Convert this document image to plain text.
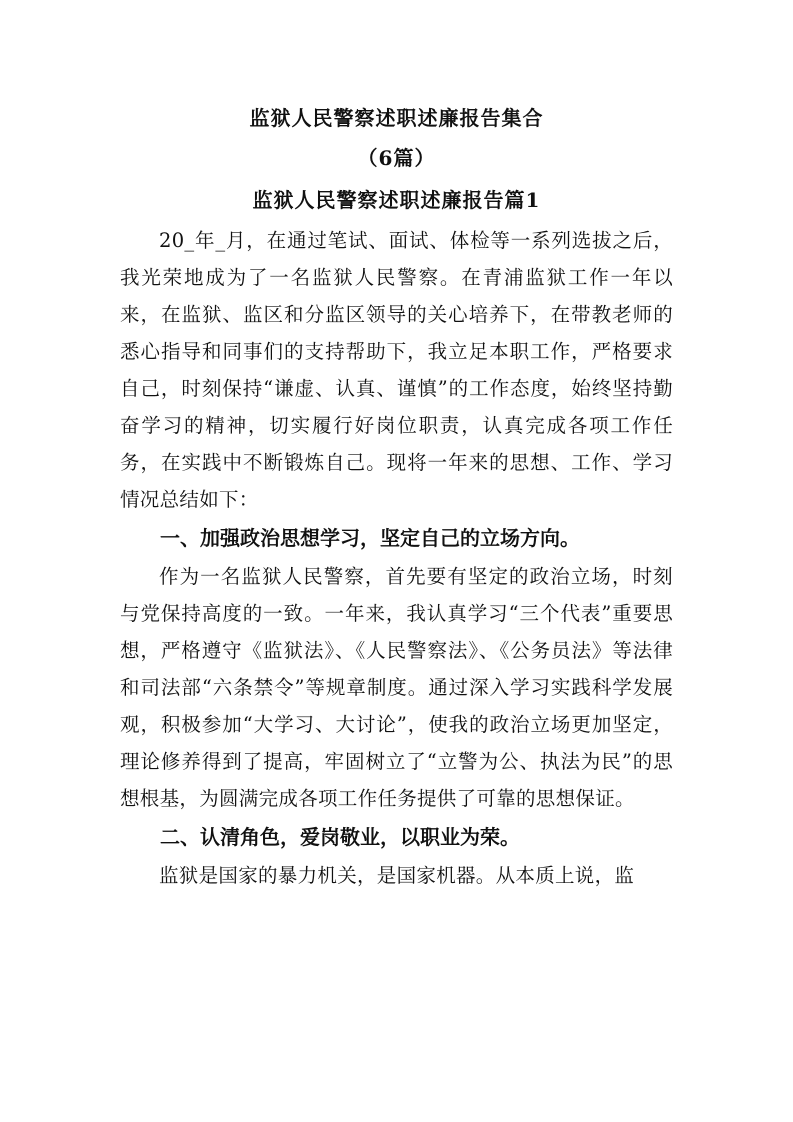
监狱人民警察述职述廉报告集合
（6篇）
监狱人民警察述职述廉报告篇1

20_年_月，在通过笔试、面试、体检等一系列选拔之后，我光荣地成为了一名监狱人民警察。在青浦监狱工作一年以来，在监狱、监区和分监区领导的关心培养下，在带教老师的悉心指导和同事们的支持帮助下，我立足本职工作，严格要求自己，时刻保持“谦虚、认真、谨慎”的工作态度，始终坚持勤奋学习的精神，切实履行好岗位职责，认真完成各项工作任务，在实践中不断锻炼自己。现将一年来的思想、工作、学习情况总结如下：

一、加强政治思想学习，坚定自己的立场方向。

作为一名监狱人民警察，首先要有坚定的政治立场，时刻与党保持高度的一致。一年来，我认真学习“三个代表”重要思想，严格遵守《监狱法》、《人民警察法》、《公务员法》等法律和司法部“六条禁令”等规章制度。通过深入学习实践科学发展观，积极参加“大学习、大讨论”，使我的政治立场更加坚定，理论修养得到了提高，牢固树立了“立警为公、执法为民”的思想根基，为圆满完成各项工作任务提供了可靠的思想保证。

二、认清角色，爱岗敬业，以职业为荣。

监狱是国家的暴力机关，是国家机器。从本质上说，监
